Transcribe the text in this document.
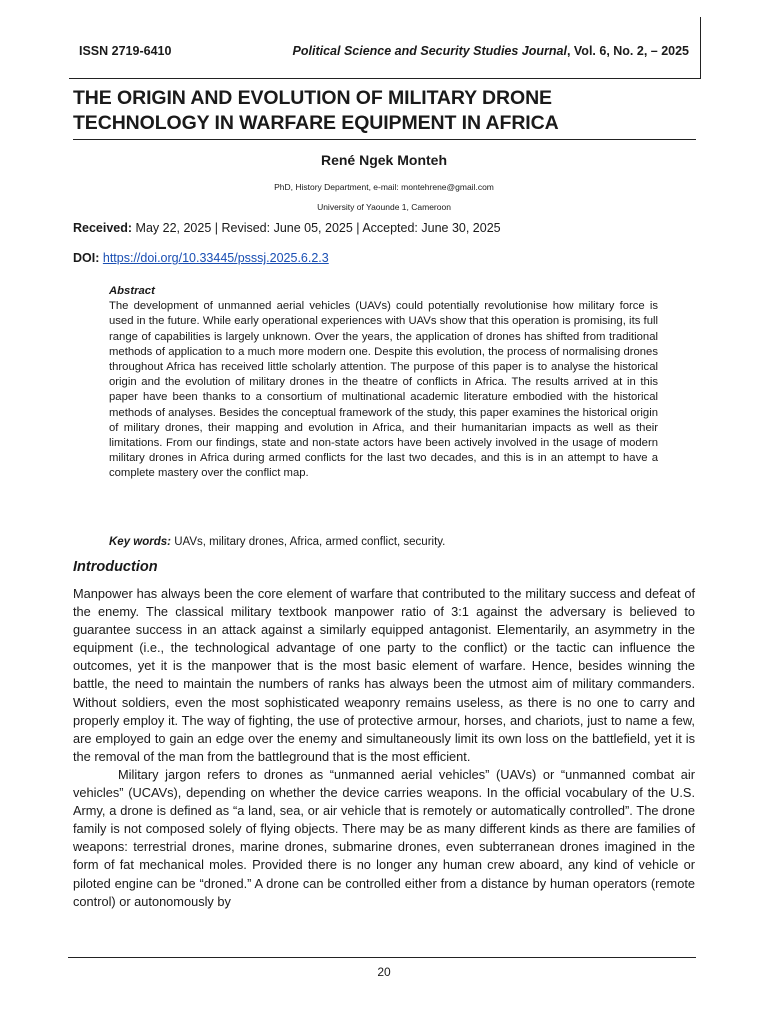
ISSN 2719-6410	Political Science and Security Studies Journal, Vol. 6, No. 2, – 2025
THE ORIGIN AND EVOLUTION OF MILITARY DRONE TECHNOLOGY IN WARFARE EQUIPMENT IN AFRICA
René Ngek Monteh
PhD, History Department, e-mail: montehrene@gmail.com
University of Yaounde 1, Cameroon
Received: May 22, 2025 | Revised: June 05, 2025 | Accepted: June 30, 2025
DOI: https://doi.org/10.33445/psssj.2025.6.2.3

Abstract

The development of unmanned aerial vehicles (UAVs) could potentially revolutionise how military force is used in the future. While early operational experiences with UAVs show that this operation is promising, its full range of capabilities is largely unknown. Over the years, the application of drones has shifted from traditional methods of application to a much more modern one. Despite this evolution, the process of normalising drones throughout Africa has received little scholarly attention. The purpose of this paper is to analyse the historical origin and the evolution of military drones in the theatre of conflicts in Africa. The results arrived at in this paper have been thanks to a consortium of multinational academic literature embodied with the historical methods of analyses. Besides the conceptual framework of the study, this paper examines the historical origin of military drones, their mapping and evolution in Africa, and their humanitarian impacts as well as their limitations. From our findings, state and non-state actors have been actively involved in the usage of modern military drones in Africa during armed conflicts for the last two decades, and this is in an attempt to have a complete mastery over the conflict map.

Key words: UAVs, military drones, Africa, armed conflict, security.
Introduction

Manpower has always been the core element of warfare that contributed to the military success and defeat of the enemy. The classical military textbook manpower ratio of 3:1 against the adversary is believed to guarantee success in an attack against a similarly equipped antagonist. Elementarily, an asymmetry in the equipment (i.e., the technological advantage of one party to the conflict) or the tactic can influence the outcomes, yet it is the manpower that is the most basic element of warfare. Hence, besides winning the battle, the need to maintain the numbers of ranks has always been the utmost aim of military commanders. Without soldiers, even the most sophisticated weaponry remains useless, as there is no one to carry and properly employ it. The way of fighting, the use of protective armour, horses, and chariots, just to name a few, are employed to gain an edge over the enemy and simultaneously limit its own loss on the battlefield, yet it is the removal of the man from the battleground that is the most efficient.

Military jargon refers to drones as “unmanned aerial vehicles” (UAVs) or “unmanned combat air vehicles” (UCAVs), depending on whether the device carries weapons. In the official vocabulary of the U.S. Army, a drone is defined as “a land, sea, or air vehicle that is remotely or automatically controlled”. The drone family is not composed solely of flying objects. There may be as many different kinds as there are families of weapons: terrestrial drones, marine drones, submarine drones, even subterranean drones imagined in the form of fat mechanical moles. Provided there is no longer any human crew aboard, any kind of vehicle or piloted engine can be “droned.” A drone can be controlled either from a distance by human operators (remote control) or autonomously by

20
